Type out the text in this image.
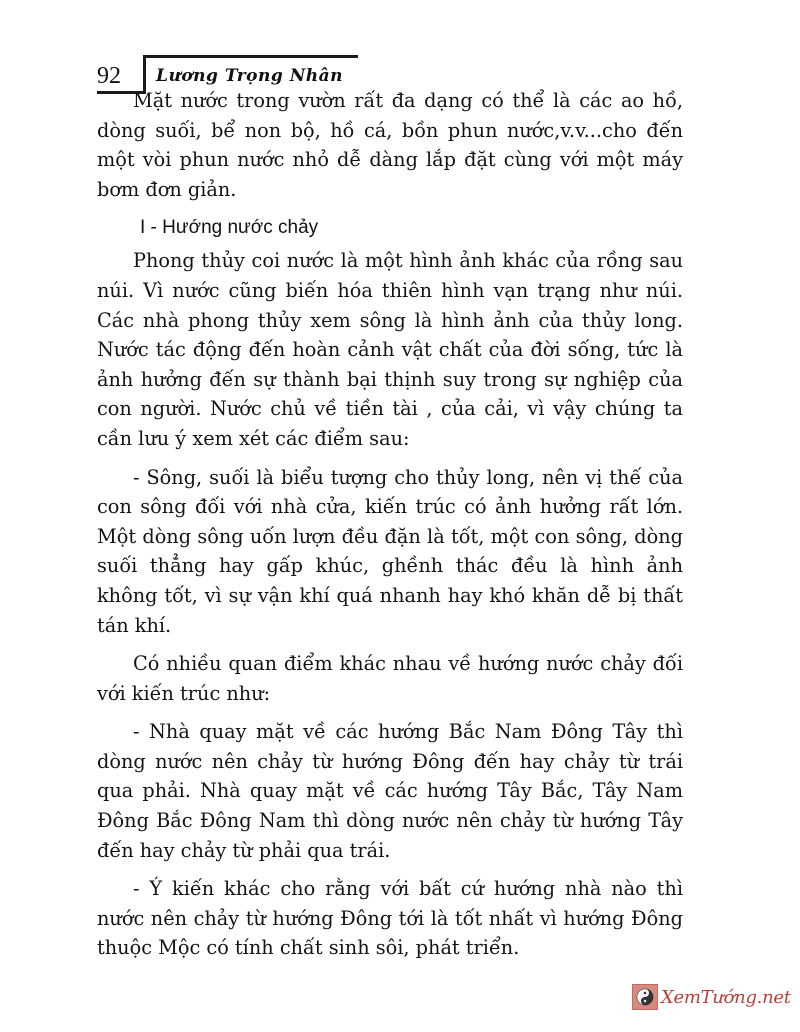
92 Lương Trọng Nhân

Mặt nước trong vườn rất đa dạng có thể là các ao hồ, dòng suối, bể non bộ, hồ cá, bồn phun nước,v.v...cho đến một vòi phun nước nhỏ dễ dàng lắp đặt cùng với một máy bơm đơn giản.

I - Hướng nước chảy

Phong thủy coi nước là một hình ảnh khác của rồng sau núi. Vì nước cũng biến hóa thiên hình vạn trạng như núi. Các nhà phong thủy xem sông là hình ảnh của thủy long. Nước tác động đến hoàn cảnh vật chất của đời sống, tức là ảnh hưởng đến sự thành bại thịnh suy trong sự nghiệp của con người. Nước chủ về tiền tài , của cải, vì vậy chúng ta cần lưu ý xem xét các điểm sau:

- Sông, suối là biểu tượng cho thủy long, nên vị thế của con sông đối với nhà cửa, kiến trúc có ảnh hưởng rất lớn. Một dòng sông uốn lượn đều đặn là tốt, một con sông, dòng suối thẳng hay gấp khúc, ghềnh thác đều là hình ảnh không tốt, vì sự vận khí quá nhanh hay khó khăn dễ bị thất tán khí.

Có nhiều quan điểm khác nhau về hướng nước chảy đối với kiến trúc như:

- Nhà quay mặt về các hướng Bắc Nam Đông Tây thì dòng nước nên chảy từ hướng Đông đến hay chảy từ trái qua phải. Nhà quay mặt về các hướng Tây Bắc, Tây Nam Đông Bắc Đông Nam thì dòng nước nên chảy từ hướng Tây đến hay chảy từ phải qua trái.

- Ý kiến khác cho rằng với bất cứ hướng nhà nào thì nước nên chảy từ hướng Đông tới là tốt nhất vì hướng Đông thuộc Mộc có tính chất sinh sôi, phát triển.

XemTướng.net
